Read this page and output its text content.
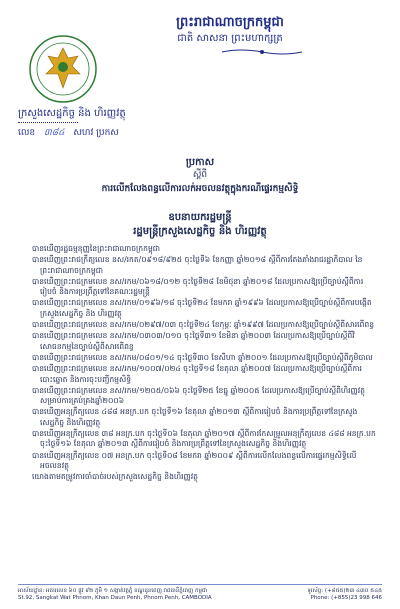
ព្រះរាជាណាចក្រកម្ពុជា
ជាតិ សាសនា ព្រះមហាក្សត្រ
ក្រសួងសេដ្ឋកិច្ច និង ហិរញ្ញវត្ថុ
លេខ ៣៨៤ សហវ ប្រកស
ប្រកាស
ស្តីពី
ការលើកលែងពន្ធលើការលក់អចលនវត្ថុក្នុងករណីផ្ទេរកម្មសិទ្ធិ
ឧបនាយករដ្ឋមន្ត្រី
រដ្ឋមន្ត្រីក្រសួងសេដ្ឋកិច្ច និង ហិរញ្ញវត្ថុ
បានឃើញរដ្ឋធម្មនុញ្ញនៃព្រះរាជាណាចក្រកម្ពុជា
បានឃើញព្រះរាជក្រឹត្យលេខ នស/រកត/០៩១៨/៩២៥ ចុះថ្ងៃទី៦ ខែកញ្ញា ឆ្នាំ២០១៨ ស្តីពីការតែងតាំងរាជរដ្ឋាភិបាល នៃព្រះរាជាណាចក្រកម្ពុជា
បានឃើញព្រះរាជក្រមលេខ នស/រកម/០៦១៨/០១២ ចុះថ្ងៃទី២៨ ខែមិថុនា ឆ្នាំ២០១៨ ដែលប្រកាសឱ្យប្រើច្បាប់ស្តីពីការរៀបចំ និងការប្រព្រឹត្តទៅនៃគណៈរដ្ឋមន្ត្រី
បានឃើញព្រះរាជក្រមលេខ នស/រកម/០១៩៦/១៨ ចុះថ្ងៃទី២៤ ខែមករា ឆ្នាំ១៩៩៦ ដែលប្រកាសឱ្យប្រើច្បាប់ស្តីពីការបង្កើតក្រសួងសេដ្ឋកិច្ច និង ហិរញ្ញវត្ថុ
បានឃើញព្រះរាជក្រមលេខ នស/រកម/០២៩៧/០៣ ចុះថ្ងៃទី២៤ ខែកុម្ភៈ ឆ្នាំ១៩៩៧ ដែលប្រកាសឱ្យប្រើច្បាប់ស្តីពីសារពើពន្ធ
បានឃើញព្រះរាជក្រមលេខ នស/រកម/០៣០៣/០១០ ចុះថ្ងៃទី៣១ ខែមិនា ឆ្នាំ២០០៣ ដែលប្រកាសឱ្យប្រើច្បាប់ស្តីពីវិសោធនកម្មនៃច្បាប់ស្តីពីសារពើពន្ធ
បានឃើញព្រះរាជក្រមលេខ នស/រកម/០៨០១/១៤ ចុះថ្ងៃទី៣០ ខែសីហា ឆ្នាំ២០០១ ដែលប្រកាសឱ្យប្រើច្បាប់ស្តីពីភូមិបាល
បានឃើញព្រះរាជក្រមលេខ នស/រកម/១០០៧/០២៤ ចុះថ្ងៃទី១៨ ខែតុលា ឆ្នាំ២០០៧ ដែលប្រកាសឱ្យប្រើច្បាប់ស្តីពីការបោះឆ្នោត និងការចុះបញ្ជីកម្មសិទ្ធិ
បានឃើញព្រះរាជក្រមលេខ នស/រកម/១២០៥/០៦៦ ចុះថ្ងៃទី២៥ ខែធ្នូ ឆ្នាំ២០០៥ ដែលប្រកាសឱ្យប្រើច្បាប់ស្តីពីហិរញ្ញវត្ថុសម្រាប់ការគ្រប់គ្រងឆ្នាំ២០០៦
បានឃើញអនុក្រឹត្យលេខ ៤៨៨ អនក្រ.បក ចុះថ្ងៃទី១៦ ខែតុលា ឆ្នាំ២០១៣ ស្តីពីការរៀបចំ និងការប្រព្រឹត្តទៅនៃក្រសួងសេដ្ឋកិច្ច និងហិរញ្ញវត្ថុ
បានឃើញអនុក្រឹត្យលេខ ៣៨ អនក្រ.បក ចុះថ្ងៃទី០៦ ខែតុលា ឆ្នាំ២០១៧ ស្តីពីការកែសម្រួលអនុក្រឹត្យលេខ ៤៨៨ អនក្រ.បក ចុះថ្ងៃទី១៦ ខែតុលា ឆ្នាំ២០១៣ ស្តីពីការរៀបចំ និងការប្រព្រឹត្តទៅនៃក្រសួងសេដ្ឋកិច្ច និងហិរញ្ញវត្ថុ
បានឃើញអនុក្រឹត្យលេខ ០៧ អនក្រ.បក ចុះថ្ងៃទី០៨ ខែមករា ឆ្នាំ២០០៩ ស្តីពីការលើកលែងពន្ធលើការផ្ទេរកម្មសិទ្ធិលើអចលនវត្ថុ
យោងតាមតម្រូវការចាំបាច់របស់ក្រសួងសេដ្ឋកិច្ច និងហិរញ្ញវត្ថុ
អាស័យដ្ឋាន: អគារលេខ ៦០ ផ្លូវ ៩២ ភូមិ ១ សង្កាត់វត្តភ្នំ ខណ្ឌដូនពេញ រាជធានីភ្នំពេញ កម្ពុជា
St.92, Sangkat Wat Phnom, Khan Daun Penh, Phnom Penh, CAMBODIA
ទូរស័ព្ទ: (+៨៥៥)២៣ ៤៣០ ៥៤៥
Phone: (+855)23 998 646
